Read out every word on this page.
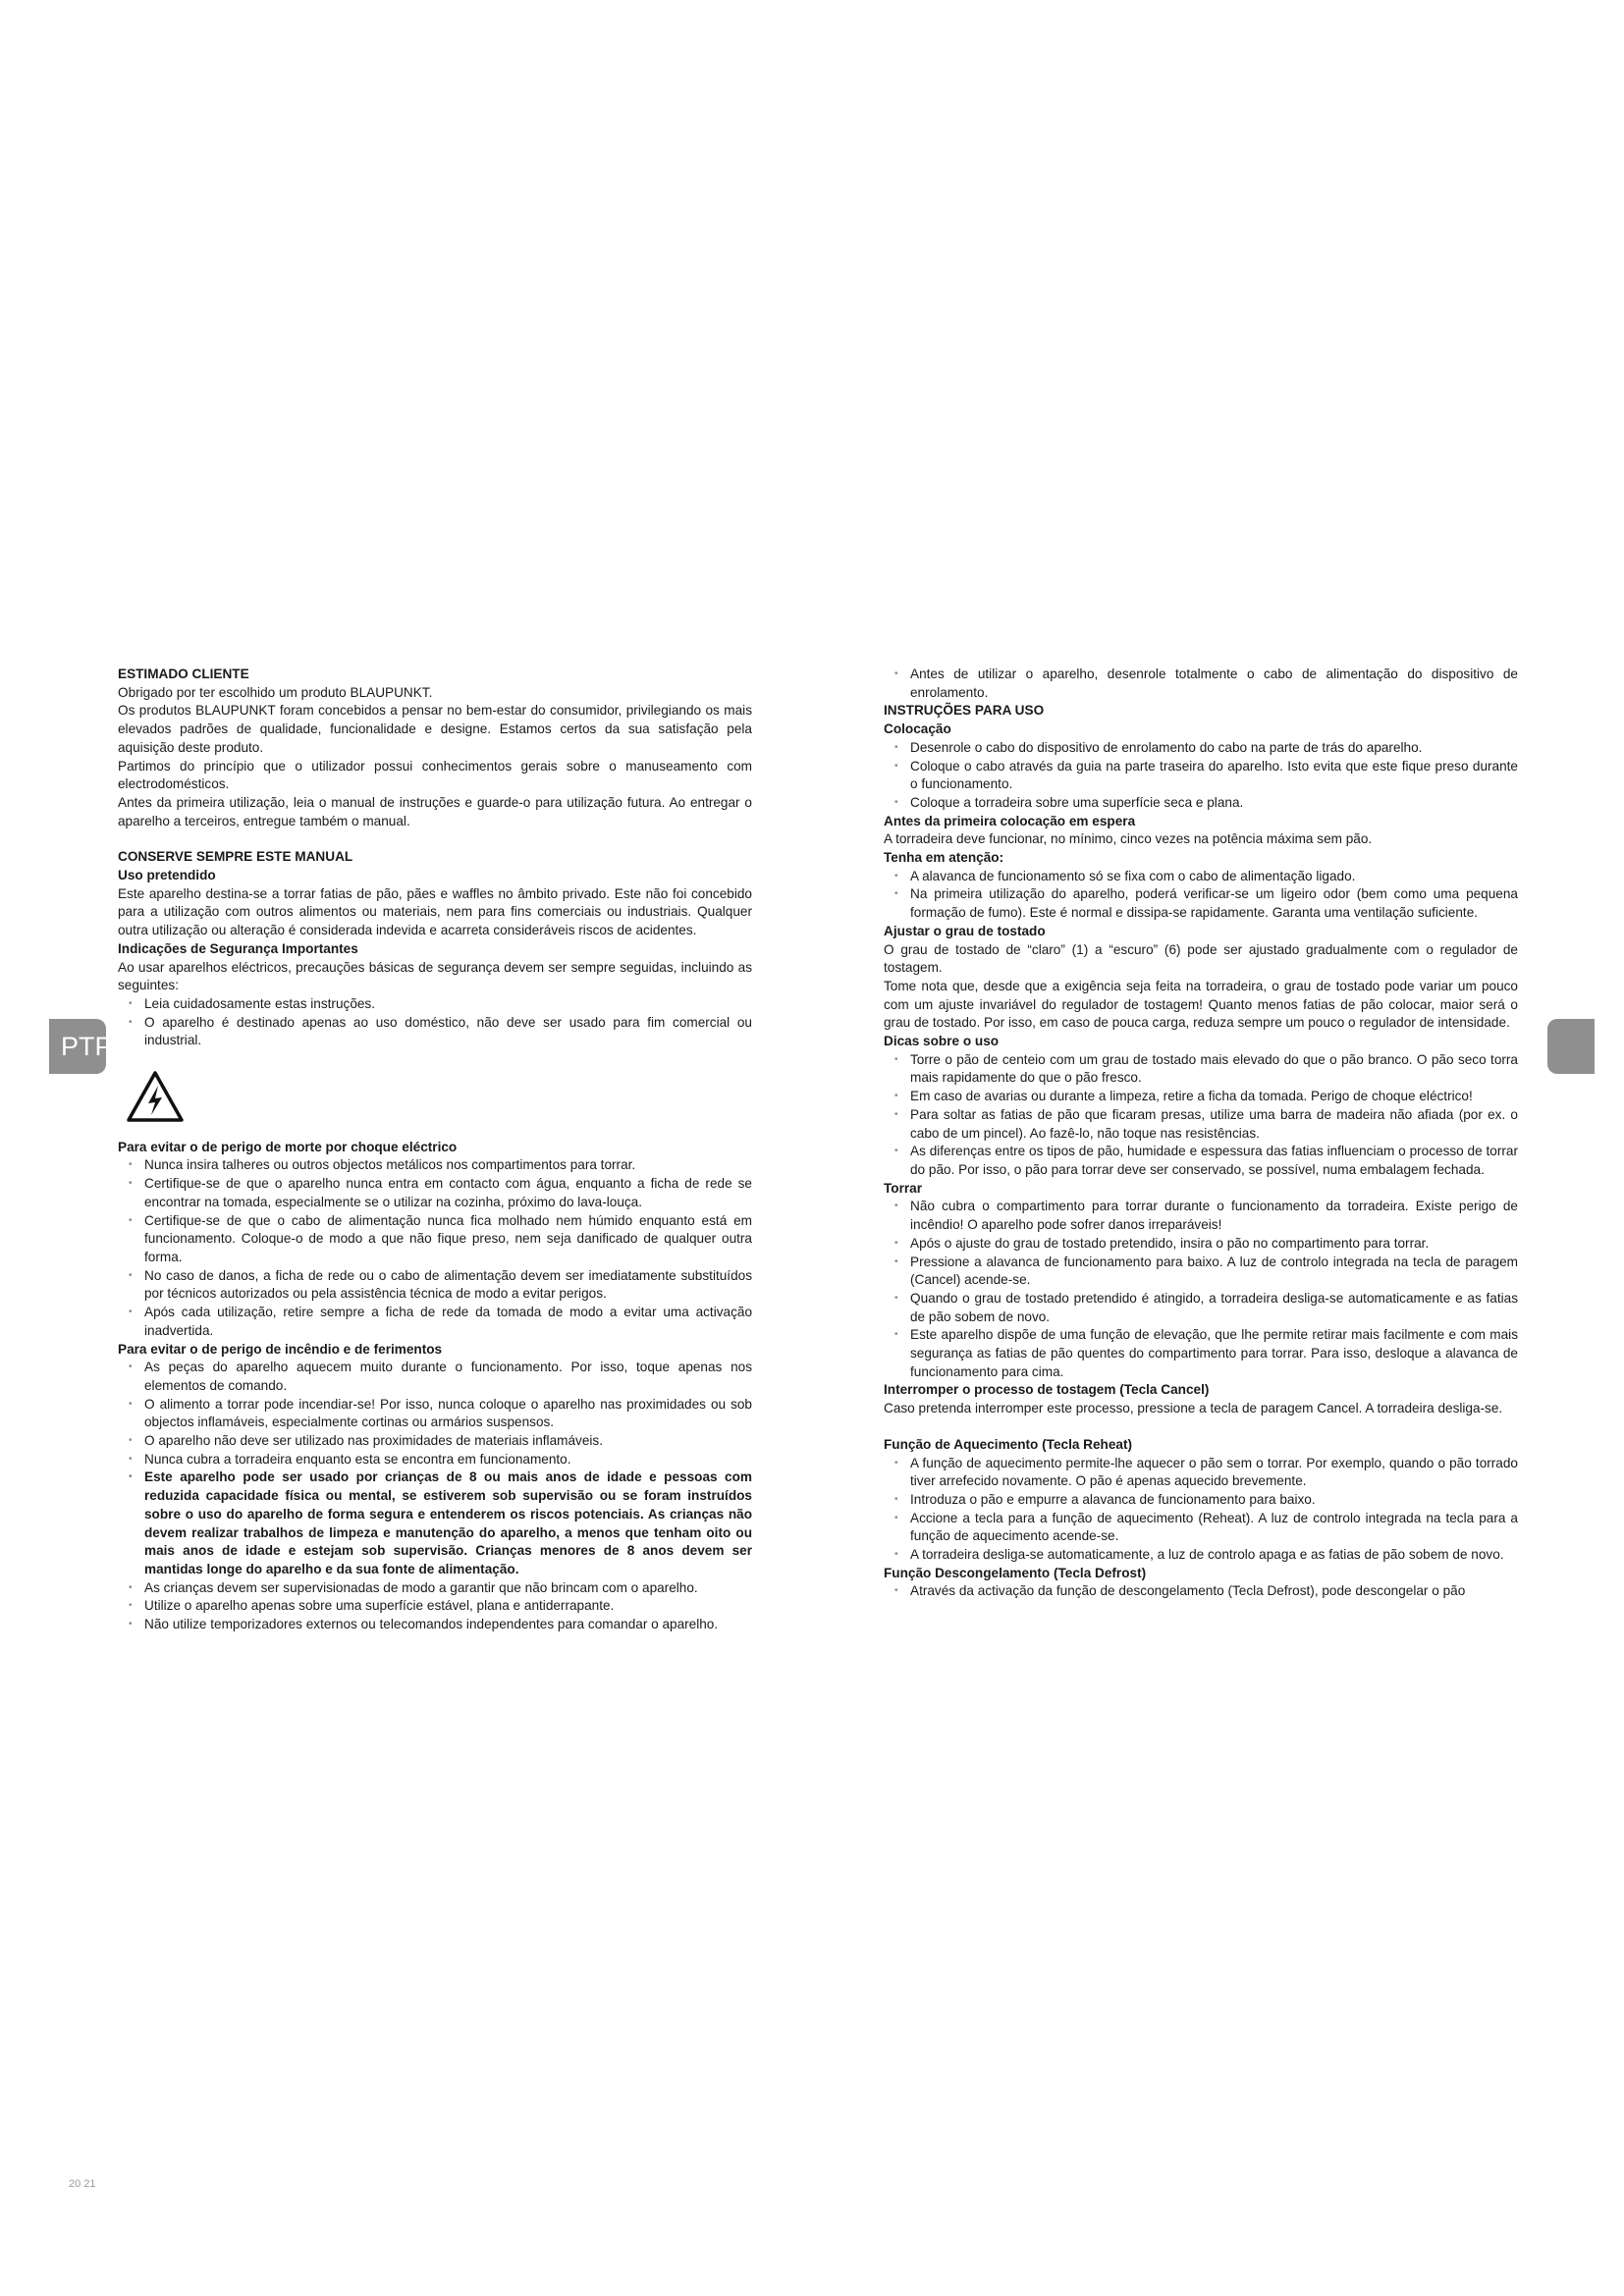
PTP

ESTIMADO CLIENTE

Obrigado por ter escolhido um produto BLAUPUNKT.

Os produtos BLAUPUNKT foram concebidos a pensar no bem-estar do consumidor, privilegiando os mais elevados padrões de qualidade, funcionalidade e designe. Estamos certos da sua satisfação pela aquisição deste produto.

Partimos do princípio que o utilizador possui conhecimentos gerais sobre o manuseamento com electrodomésticos.

Antes da primeira utilização, leia o manual de instruções e guarde-o para utilização futura. Ao entregar o aparelho a terceiros, entregue também o manual.

CONSERVE SEMPRE ESTE MANUAL

Uso pretendido

Este aparelho destina-se a torrar fatias de pão, pães e waffles no âmbito privado. Este não foi concebido para a utilização com outros alimentos ou materiais, nem para fins comerciais ou industriais. Qualquer outra utilização ou alteração é considerada indevida e acarreta consideráveis riscos de acidentes.

Indicações de Segurança Importantes

Ao usar aparelhos eléctricos, precauções básicas de segurança devem ser sempre seguidas, incluindo as seguintes:

• Leia cuidadosamente estas instruções.
• O aparelho é destinado apenas ao uso doméstico, não deve ser usado para fim comercial ou industrial.

Para evitar o de perigo de morte por choque eléctrico

• Nunca insira talheres ou outros objectos metálicos nos compartimentos para torrar.
• Certifique-se de que o aparelho nunca entra em contacto com água, enquanto a ficha de rede se encontrar na tomada, especialmente se o utilizar na cozinha, próximo do lava-louça.
• Certifique-se de que o cabo de alimentação nunca fica molhado nem húmido enquanto está em funcionamento. Coloque-o de modo a que não fique preso, nem seja danificado de qualquer outra forma.
• No caso de danos, a ficha de rede ou o cabo de alimentação devem ser imediatamente substituídos por técnicos autorizados ou pela assistência técnica de modo a evitar perigos.
• Após cada utilização, retire sempre a ficha de rede da tomada de modo a evitar uma activação inadvertida.

Para evitar o de perigo de incêndio e de ferimentos

• As peças do aparelho aquecem muito durante o funcionamento. Por isso, toque apenas nos elementos de comando.
• O alimento a torrar pode incendiar-se! Por isso, nunca coloque o aparelho nas proximidades ou sob objectos inflamáveis, especialmente cortinas ou armários suspensos.
• O aparelho não deve ser utilizado nas proximidades de materiais inflamáveis.
• Nunca cubra a torradeira enquanto esta se encontra em funcionamento.
• Este aparelho pode ser usado por crianças de 8 ou mais anos de idade e pessoas com reduzida capacidade física ou mental, se estiverem sob supervisão ou se foram instruídos sobre o uso do aparelho de forma segura e entenderem os riscos potenciais. As crianças não devem realizar trabalhos de limpeza e manutenção do aparelho, a menos que tenham oito ou mais anos de idade e estejam sob supervisão. Crianças menores de 8 anos devem ser mantidas longe do aparelho e da sua fonte de alimentação.
• As crianças devem ser supervisionadas de modo a garantir que não brincam com o aparelho.
• Utilize o aparelho apenas sobre uma superfície estável, plana e antiderrapante.
• Não utilize temporizadores externos ou telecomandos independentes para comandar o aparelho.
• Antes de utilizar o aparelho, desenrole totalmente o cabo de alimentação do dispositivo de enrolamento.

INSTRUÇÕES PARA USO

Colocação

• Desenrole o cabo do dispositivo de enrolamento do cabo na parte de trás do aparelho.
• Coloque o cabo através da guia na parte traseira do aparelho. Isto evita que este fique preso durante o funcionamento.
• Coloque a torradeira sobre uma superfície seca e plana.

Antes da primeira colocação em espera

A torradeira deve funcionar, no mínimo, cinco vezes na potência máxima sem pão.

Tenha em atenção:

• A alavanca de funcionamento só se fixa com o cabo de alimentação ligado.
• Na primeira utilização do aparelho, poderá verificar-se um ligeiro odor (bem como uma pequena formação de fumo). Este é normal e dissipa-se rapidamente. Garanta uma ventilação suficiente.

Ajustar o grau de tostado

O grau de tostado de “claro” (1) a “escuro” (6) pode ser ajustado gradualmente com o regulador de tostagem.

Tome nota que, desde que a exigência seja feita na torradeira, o grau de tostado pode variar um pouco com um ajuste invariável do regulador de tostagem! Quanto menos fatias de pão colocar, maior será o grau de tostado. Por isso, em caso de pouca carga, reduza sempre um pouco o regulador de intensidade.

Dicas sobre o uso

• Torre o pão de centeio com um grau de tostado mais elevado do que o pão branco. O pão seco torra mais rapidamente do que o pão fresco.
• Em caso de avarias ou durante a limpeza, retire a ficha da tomada. Perigo de choque eléctrico!
• Para soltar as fatias de pão que ficaram presas, utilize uma barra de madeira não afiada (por ex. o cabo de um pincel). Ao fazê-lo, não toque nas resistências.
• As diferenças entre os tipos de pão, humidade e espessura das fatias influenciam o processo de torrar do pão. Por isso, o pão para torrar deve ser conservado, se possível, numa embalagem fechada.

Torrar

• Não cubra o compartimento para torrar durante o funcionamento da torradeira. Existe perigo de incêndio! O aparelho pode sofrer danos irreparáveis!
• Após o ajuste do grau de tostado pretendido, insira o pão no compartimento para torrar.
• Pressione a alavanca de funcionamento para baixo. A luz de controlo integrada na tecla de paragem (Cancel) acende-se.
• Quando o grau de tostado pretendido é atingido, a torradeira desliga-se automaticamente e as fatias de pão sobem de novo.
• Este aparelho dispõe de uma função de elevação, que lhe permite retirar mais facilmente e com mais segurança as fatias de pão quentes do compartimento para torrar. Para isso, desloque a alavanca de funcionamento para cima.

Interromper o processo de tostagem (Tecla Cancel)

Caso pretenda interromper este processo, pressione a tecla de paragem Cancel. A torradeira desliga-se.

Função de Aquecimento (Tecla Reheat)

• A função de aquecimento permite-lhe aquecer o pão sem o torrar. Por exemplo, quando o pão torrado tiver arrefecido novamente. O pão é apenas aquecido brevemente.
• Introduza o pão e empurre a alavanca de funcionamento para baixo.
• Accione a tecla para a função de aquecimento (Reheat). A luz de controlo integrada na tecla para a função de aquecimento acende-se.
• A torradeira desliga-se automaticamente, a luz de controlo apaga e as fatias de pão sobem de novo.

Função Descongelamento (Tecla Defrost)

• Através da activação da função de descongelamento (Tecla Defrost), pode descongelar o pão
20 21
